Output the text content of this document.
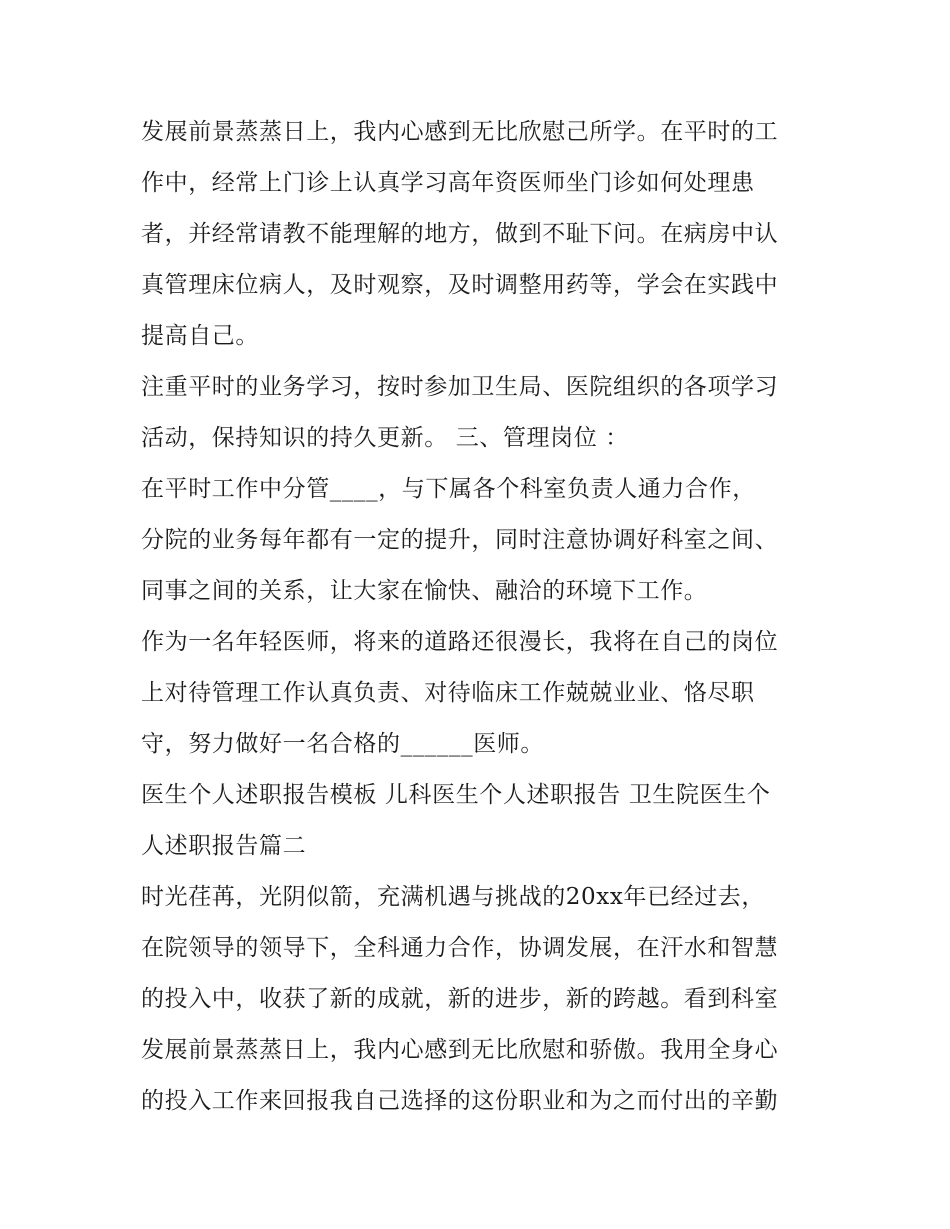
发展前景蒸蒸日上，我内心感到无比欣慰己所学。在平时的工
作中，经常上门诊上认真学习高年资医师坐门诊如何处理患
者，并经常请教不能理解的地方，做到不耻下问。在病房中认
真管理床位病人，及时观察，及时调整用药等，学会在实践中
提高自己。
注重平时的业务学习，按时参加卫生局、医院组织的各项学习
活动，保持知识的持久更新。 三、管理岗位 ：
在平时工作中分管____，与下属各个科室负责人通力合作，
分院的业务每年都有一定的提升，同时注意协调好科室之间、
同事之间的关系，让大家在愉快、融洽的环境下工作。
作为一名年轻医师，将来的道路还很漫长，我将在自己的岗位
上对待管理工作认真负责、对待临床工作兢兢业业、恪尽职
守，努力做好一名合格的______医师。
医生个人述职报告模板 儿科医生个人述职报告 卫生院医生个
人述职报告篇二
时光荏苒，光阴似箭，充满机遇与挑战的20xx年已经过去，
在院领导的领导下，全科通力合作，协调发展，在汗水和智慧
的投入中，收获了新的成就，新的进步，新的跨越。看到科室
发展前景蒸蒸日上，我内心感到无比欣慰和骄傲。我用全身心
的投入工作来回报我自己选择的这份职业和为之而付出的辛勤
